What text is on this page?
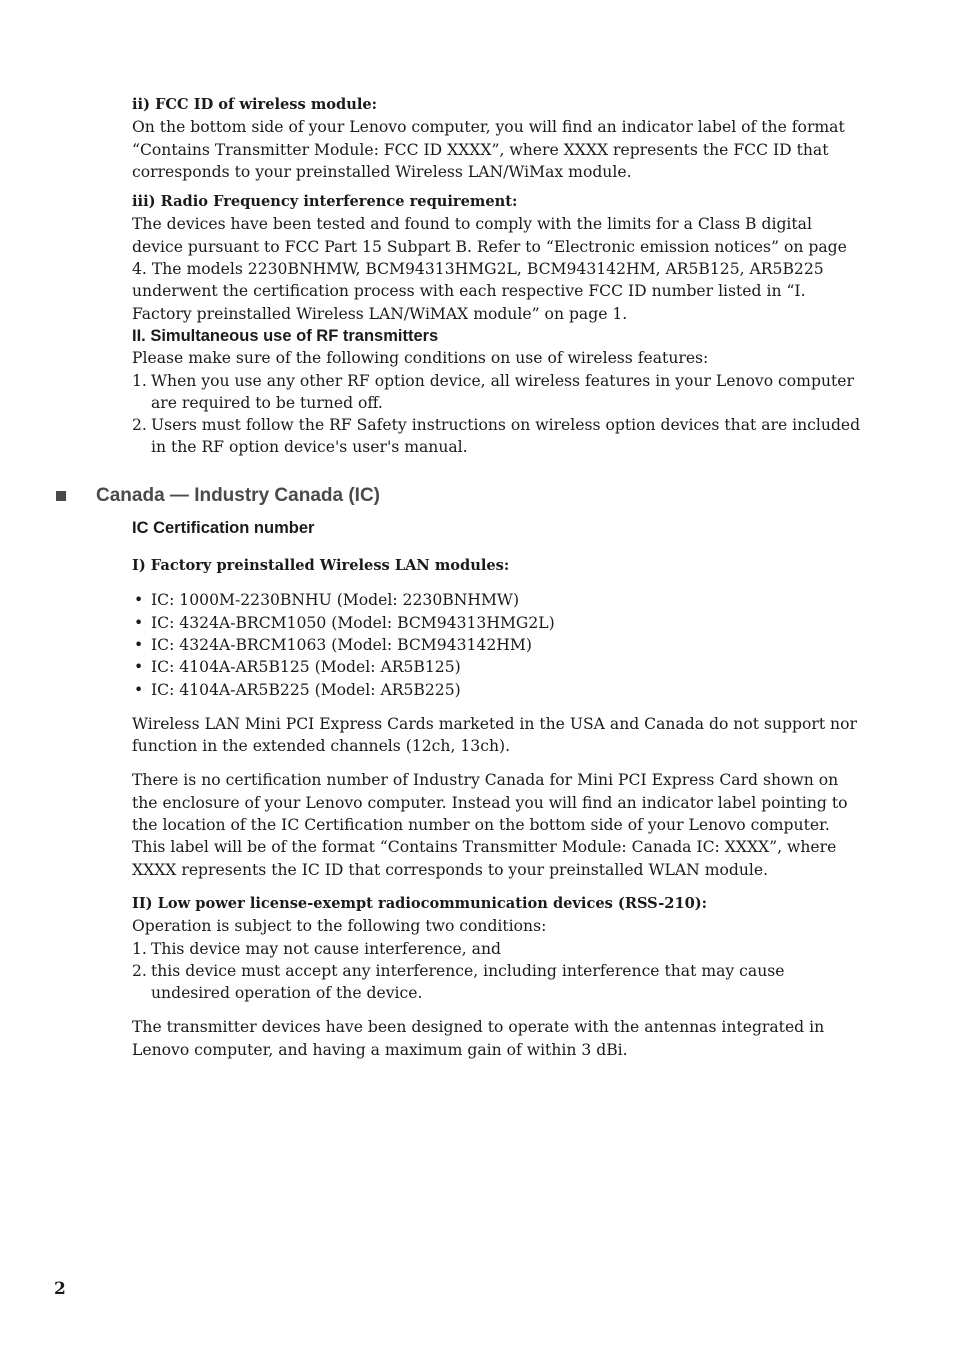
ii) FCC ID of wireless module:

On the bottom side of your Lenovo computer, you will find an indicator label of the format “Contains Transmitter Module: FCC ID XXXX”, where XXXX represents the FCC ID that corresponds to your preinstalled Wireless LAN/WiMax module.

iii) Radio Frequency interference requirement:

The devices have been tested and found to comply with the limits for a Class B digital device pursuant to FCC Part 15 Subpart B. Refer to “Electronic emission notices” on page 4. The models 2230BNHMW, BCM94313HMG2L, BCM943142HM, AR5B125, AR5B225 underwent the certification process with each respective FCC ID number listed in “I. Factory preinstalled Wireless LAN/WiMAX module” on page 1.

II. Simultaneous use of RF transmitters

Please make sure of the following conditions on use of wireless features:

1. When you use any other RF option device, all wireless features in your Lenovo computer are required to be turned off.
2. Users must follow the RF Safety instructions on wireless option devices that are included in the RF option device's user's manual.
Canada — Industry Canada (IC)

IC Certification number

I) Factory preinstalled Wireless LAN modules:

• IC: 1000M-2230BNHU (Model: 2230BNHMW)
• IC: 4324A-BRCM1050 (Model: BCM94313HMG2L)
• IC: 4324A-BRCM1063 (Model: BCM943142HM)
• IC: 4104A-AR5B125 (Model: AR5B125)
• IC: 4104A-AR5B225 (Model: AR5B225)

Wireless LAN Mini PCI Express Cards marketed in the USA and Canada do not support nor function in the extended channels (12ch, 13ch).

There is no certification number of Industry Canada for Mini PCI Express Card shown on the enclosure of your Lenovo computer. Instead you will find an indicator label pointing to the location of the IC Certification number on the bottom side of your Lenovo computer. This label will be of the format “Contains Transmitter Module: Canada IC: XXXX”, where XXXX represents the IC ID that corresponds to your preinstalled WLAN module.

II) Low power license-exempt radiocommunication devices (RSS-210):

Operation is subject to the following two conditions:

1. This device may not cause interference, and
2. this device must accept any interference, including interference that may cause undesired operation of the device.

The transmitter devices have been designed to operate with the antennas integrated in Lenovo computer, and having a maximum gain of within 3 dBi.

2
